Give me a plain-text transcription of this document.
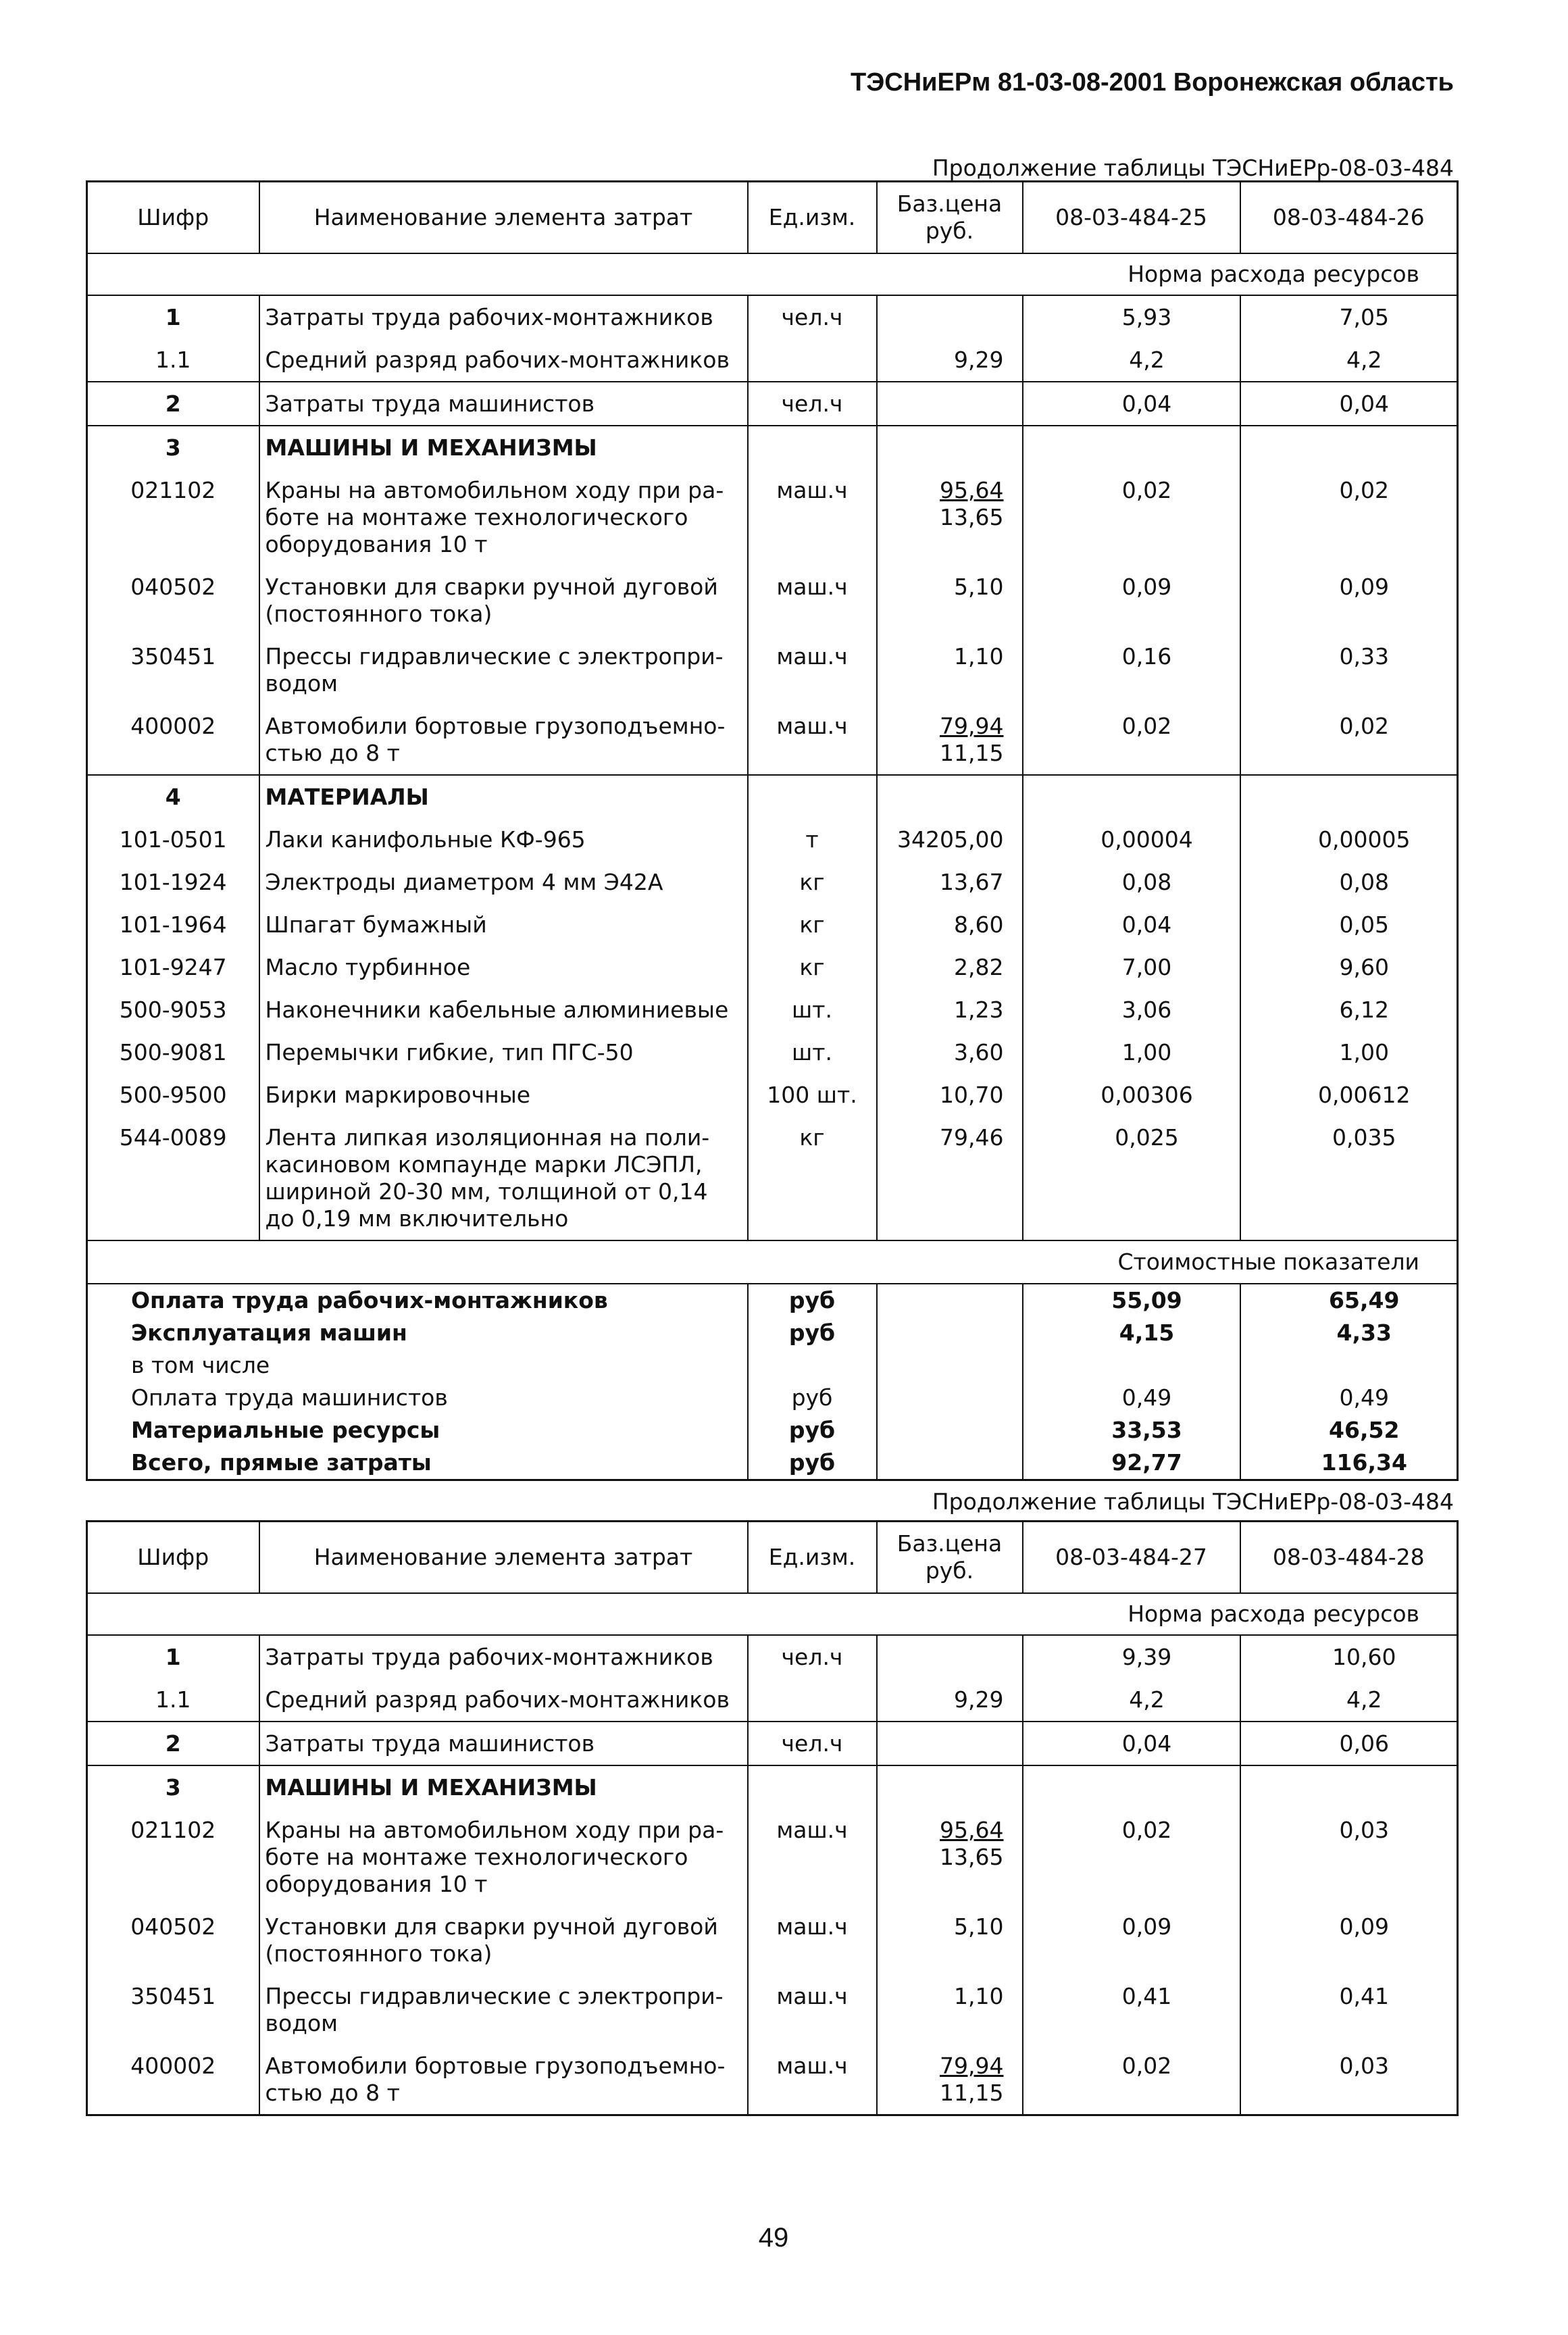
ТЭСНиЕРм 81-03-08-2001 Воронежская область
Продолжение таблицы ТЭСНиЕРр-08-03-484
Шифр	Наименование элемента затрат	Ед.изм.	Баз.цена
руб.	08-03-484-25	08-03-484-26
Норма расхода ресурсов					
1	Затраты труда рабочих-монтажников	чел.ч		5,93	7,05
1.1	Средний разряд рабочих-монтажников		9,29	4,2	4,2
2	Затраты труда машинистов	чел.ч		0,04	0,04
3	МАШИНЫ И МЕХАНИЗМЫ				

021102	Краны на автомобильном ходу при ра-
боте на монтаже технологического
оборудования 10 т	маш.ч	95,64
13,65	0,02	0,02
040502	Установки для сварки ручной дуговой
(постоянного тока)	маш.ч	5,10	0,09	0,09
350451	Прессы гидравлические с электропри-
водом	маш.ч	1,10	0,16	0,33
400002	Автомобили бортовые грузоподъемно-
стью до 8 т	маш.ч	79,94
11,15	0,02	0,02
4	МАТЕРИАЛЫ				

101-0501	Лаки канифольные КФ-965	т	34205,00	0,00004	0,00005
101-1924	Электроды диаметром 4 мм Э42А	кг	13,67	0,08	0,08
101-1964	Шпагат бумажный	кг	8,60	0,04	0,05
101-9247	Масло турбинное	кг	2,82	7,00	9,60
500-9053	Наконечники кабельные алюминиевые	шт.	1,23	3,06	6,12
500-9081	Перемычки гибкие, тип ПГС-50	шт.	3,60	1,00	1,00
500-9500	Бирки маркировочные	100 шт.	10,70	0,00306	0,00612
544-0089	Лента липкая изоляционная на поли-
касиновом компаунде марки ЛСЭПЛ,
шириной 20-30 мм, толщиной от 0,14
до 0,19 мм включительно	кг	79,46	0,025	0,035
Стоимостные показатели					
Оплата труда рабочих-монтажников		руб		55,09	65,49
Эксплуатация машин		руб		4,15	4,33
в том числе					
Оплата труда машинистов		руб		0,49	0,49
Материальные ресурсы		руб		33,53	46,52
Всего, прямые затраты		руб		92,77	116,34
Продолжение таблицы ТЭСНиЕРр-08-03-484
Шифр	Наименование элемента затрат	Ед.изм.	Баз.цена
руб.	08-03-484-27	08-03-484-28
Норма расхода ресурсов					
1	Затраты труда рабочих-монтажников	чел.ч		9,39	10,60
1.1	Средний разряд рабочих-монтажников		9,29	4,2	4,2
2	Затраты труда машинистов	чел.ч		0,04	0,06
3	МАШИНЫ И МЕХАНИЗМЫ				

021102	Краны на автомобильном ходу при ра-
боте на монтаже технологического
оборудования 10 т	маш.ч	95,64
13,65	0,02	0,03
040502	Установки для сварки ручной дуговой
(постоянного тока)	маш.ч	5,10	0,09	0,09
350451	Прессы гидравлические с электропри-
водом	маш.ч	1,10	0,41	0,41
400002	Автомобили бортовые грузоподъемно-
стью до 8 т	маш.ч	79,94
11,15	0,02	0,03
49
